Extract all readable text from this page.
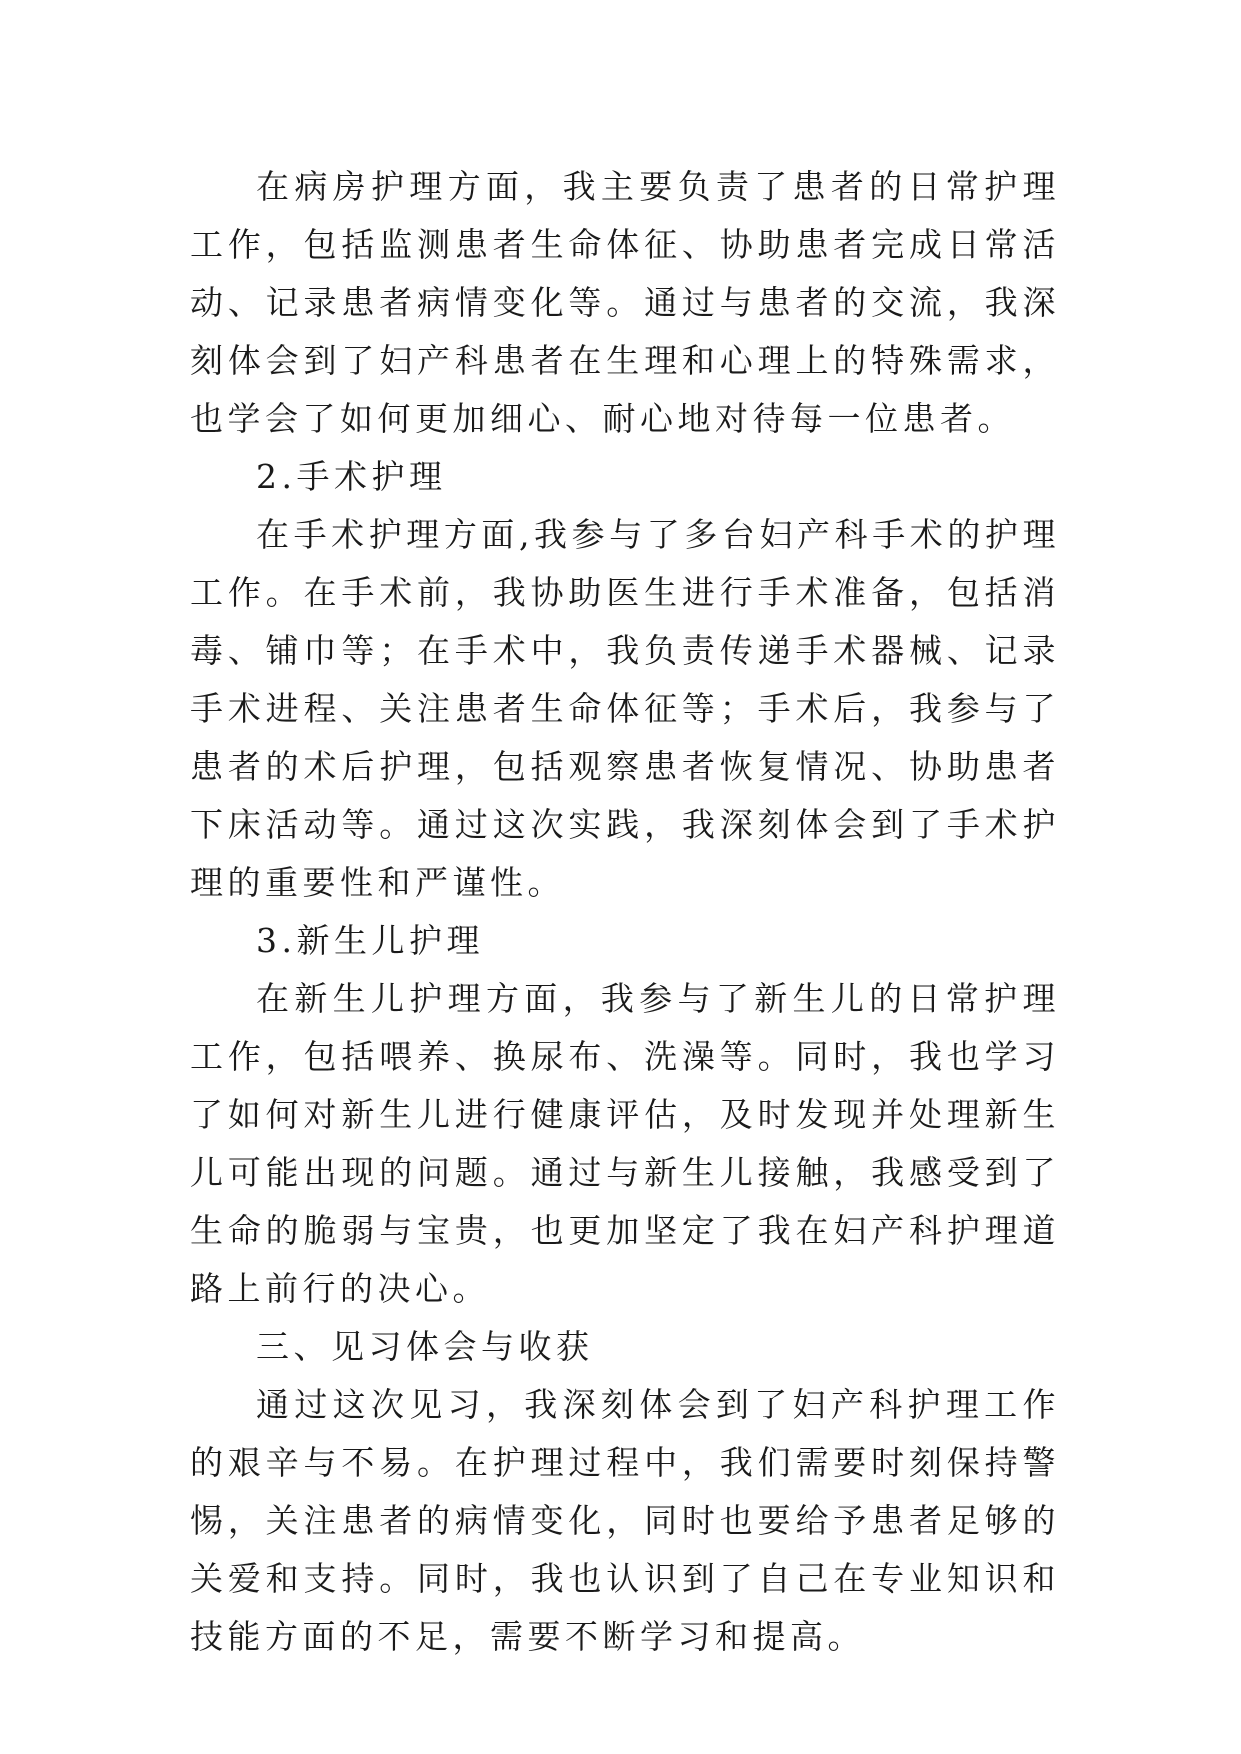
在病房护理方面，我主要负责了患者的日常护理工作，包括监测患者生命体征、协助患者完成日常活动、记录患者病情变化等。通过与患者的交流，我深刻体会到了妇产科患者在生理和心理上的特殊需求，也学会了如何更加细心、耐心地对待每一位患者。

2.手术护理

在手术护理方面,我参与了多台妇产科手术的护理工作。在手术前，我协助医生进行手术准备，包括消毒、铺巾等；在手术中，我负责传递手术器械、记录手术进程、关注患者生命体征等；手术后，我参与了患者的术后护理，包括观察患者恢复情况、协助患者下床活动等。通过这次实践，我深刻体会到了手术护理的重要性和严谨性。

3.新生儿护理

在新生儿护理方面，我参与了新生儿的日常护理工作，包括喂养、换尿布、洗澡等。同时，我也学习了如何对新生儿进行健康评估，及时发现并处理新生儿可能出现的问题。通过与新生儿接触，我感受到了生命的脆弱与宝贵，也更加坚定了我在妇产科护理道路上前行的决心。

三、见习体会与收获

通过这次见习，我深刻体会到了妇产科护理工作的艰辛与不易。在护理过程中，我们需要时刻保持警惕，关注患者的病情变化，同时也要给予患者足够的关爱和支持。同时，我也认识到了自己在专业知识和技能方面的不足，需要不断学习和提高。
